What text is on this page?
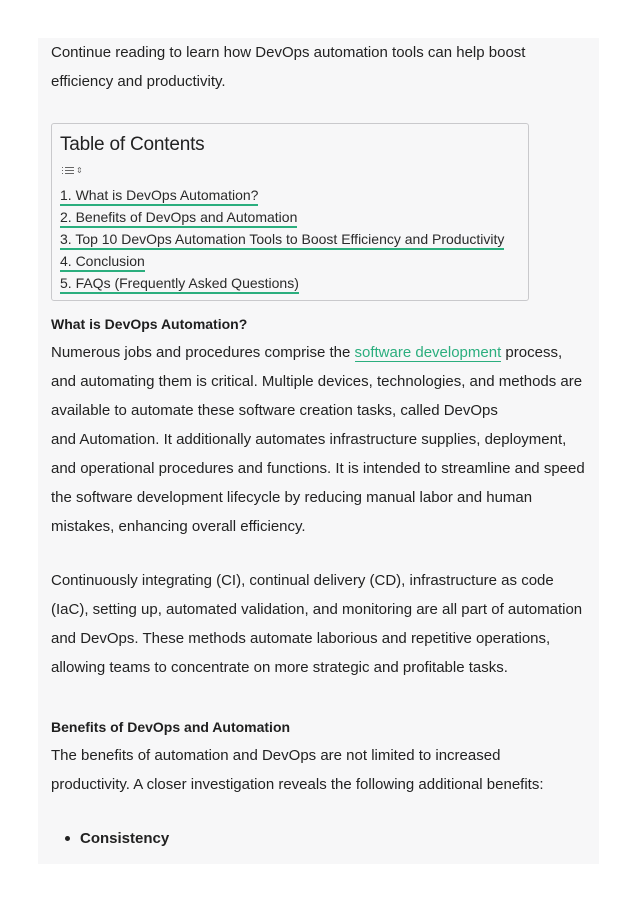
Continue reading to learn how DevOps automation tools can help boost

efficiency and productivity.

Table of Contents
⇕
1. What is DevOps Automation?
2. Benefits of DevOps and Automation
3. Top 10 DevOps Automation Tools to Boost Efficiency and Productivity
4. Conclusion
5. FAQs (Frequently Asked Questions)
What is DevOps Automation?

Numerous jobs and procedures comprise the software development process,

and automating them is critical. Multiple devices, technologies, and methods are

available to automate these software creation tasks, called DevOps

and Automation. It additionally automates infrastructure supplies, deployment,

and operational procedures and functions. It is intended to streamline and speed

the software development lifecycle by reducing manual labor and human

mistakes, enhancing overall efficiency.

Continuously integrating (CI), continual delivery (CD), infrastructure as code

(IaC), setting up, automated validation, and monitoring are all part of automation

and DevOps. These methods automate laborious and repetitive operations,

allowing teams to concentrate on more strategic and profitable tasks.

Benefits of DevOps and Automation

The benefits of automation and DevOps are not limited to increased

productivity. A closer investigation reveals the following additional benefits:

Consistency
